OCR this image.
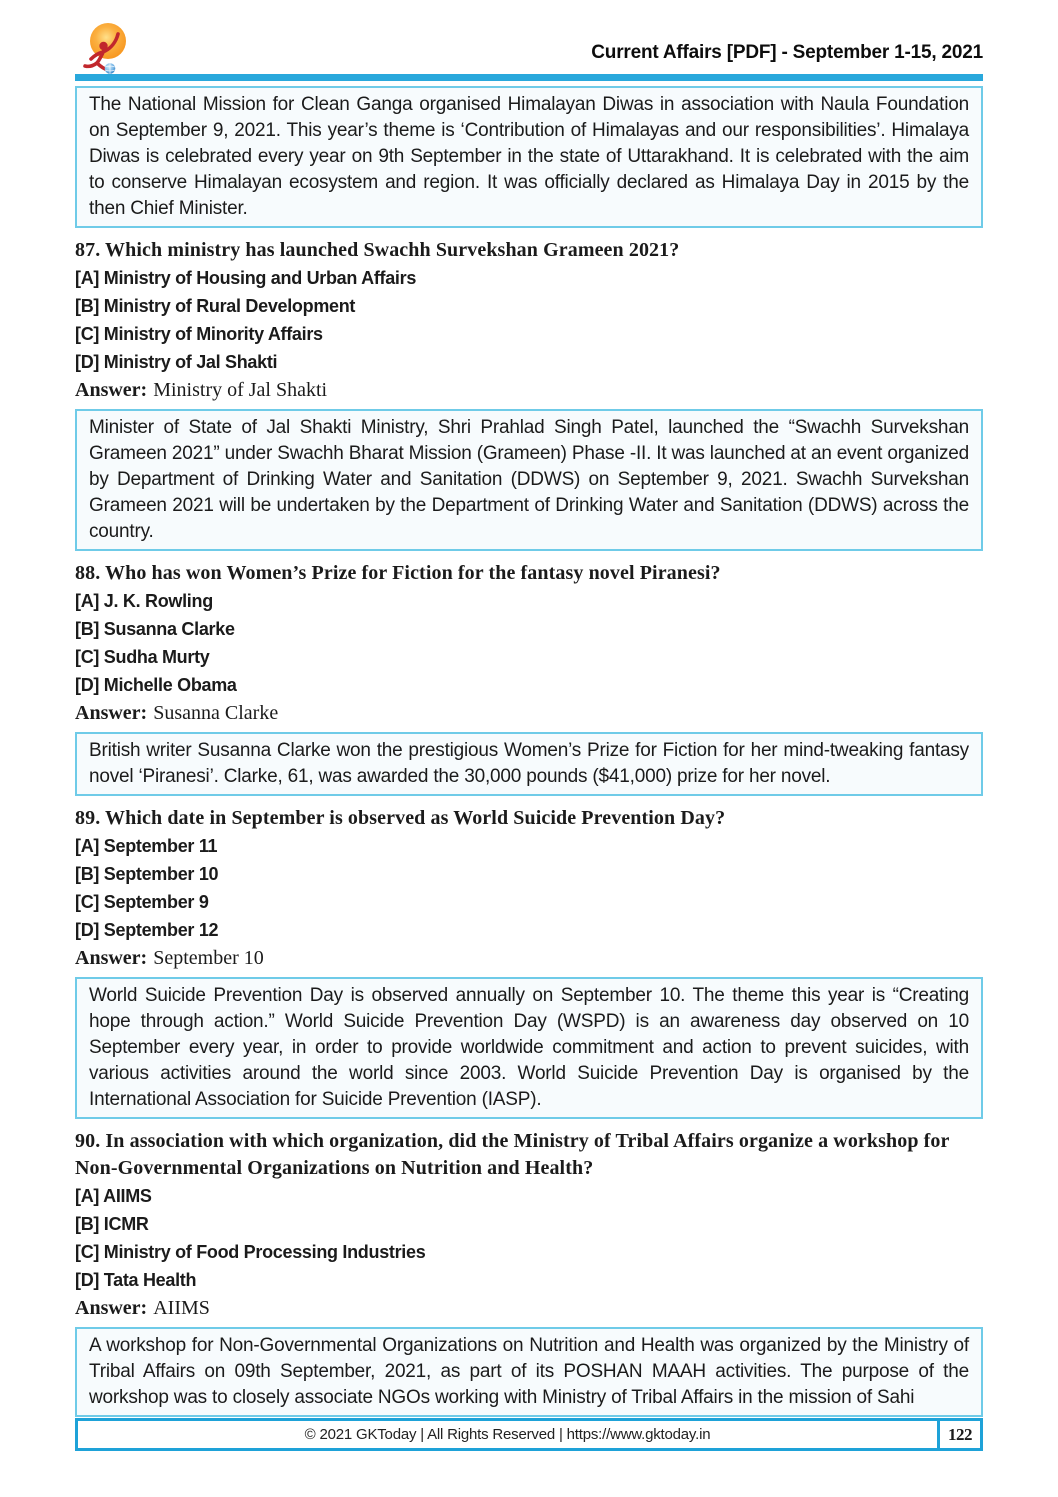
Current Affairs [PDF] - September 1-15, 2021
The National Mission for Clean Ganga organised Himalayan Diwas in association with Naula Foundation on September 9, 2021. This year’s theme is ‘Contribution of Himalayas and our responsibilities’. Himalaya Diwas is celebrated every year on 9th September in the state of Uttarakhand. It is celebrated with the aim to conserve Himalayan ecosystem and region. It was officially declared as Himalaya Day in 2015 by the then Chief Minister.
87. Which ministry has launched Swachh Survekshan Grameen 2021?
[A] Ministry of Housing and Urban Affairs
[B] Ministry of Rural Development
[C] Ministry of Minority Affairs
[D] Ministry of Jal Shakti
Answer: Ministry of Jal Shakti
Minister of State of Jal Shakti Ministry, Shri Prahlad Singh Patel, launched the “Swachh Survekshan Grameen 2021” under Swachh Bharat Mission (Grameen) Phase -II. It was launched at an event organized by Department of Drinking Water and Sanitation (DDWS) on September 9, 2021. Swachh Survekshan Grameen 2021 will be undertaken by the Department of Drinking Water and Sanitation (DDWS) across the country.
88. Who has won Women’s Prize for Fiction for the fantasy novel Piranesi?
[A] J. K. Rowling
[B] Susanna Clarke
[C] Sudha Murty
[D] Michelle Obama
Answer: Susanna Clarke
British writer Susanna Clarke won the prestigious Women’s Prize for Fiction for her mind-tweaking fantasy novel ‘Piranesi’. Clarke, 61, was awarded the 30,000 pounds ($41,000) prize for her novel.
89. Which date in September is observed as World Suicide Prevention Day?
[A] September 11
[B] September 10
[C] September 9
[D] September 12
Answer: September 10
World Suicide Prevention Day is observed annually on September 10. The theme this year is “Creating hope through action.” World Suicide Prevention Day (WSPD) is an awareness day observed on 10 September every year, in order to provide worldwide commitment and action to prevent suicides, with various activities around the world since 2003. World Suicide Prevention Day is organised by the International Association for Suicide Prevention (IASP).
90. In association with which organization, did the Ministry of Tribal Affairs organize a workshop for Non-Governmental Organizations on Nutrition and Health?
[A] AIIMS
[B] ICMR
[C] Ministry of Food Processing Industries
[D] Tata Health
Answer: AIIMS
A workshop for Non-Governmental Organizations on Nutrition and Health was organized by the Ministry of Tribal Affairs on 09th September, 2021, as part of its POSHAN MAAH activities. The purpose of the workshop was to closely associate NGOs working with Ministry of Tribal Affairs in the mission of Sahi
© 2021 GKToday | All Rights Reserved | https://www.gktoday.in	122
